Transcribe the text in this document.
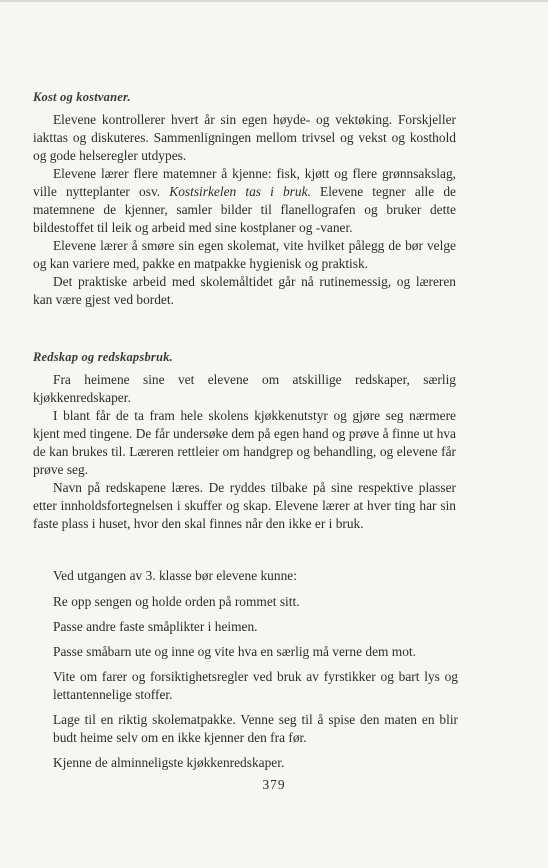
Kost og kostvaner.

Elevene kontrollerer hvert år sin egen høyde- og vektøking. Forskjeller iakttas og diskuteres. Sammenligningen mellom trivsel og vekst og kosthold og gode helseregler utdypes.

Elevene lærer flere matemner å kjenne: fisk, kjøtt og flere grønnsakslag, ville nytteplanter osv. Kostsirkelen tas i bruk. Elevene tegner alle de matemnene de kjenner, samler bilder til flanellografen og bruker dette bildestoffet til leik og arbeid med sine kostplaner og -vaner.

Elevene lærer å smøre sin egen skolemat, vite hvilket pålegg de bør velge og kan variere med, pakke en matpakke hygienisk og praktisk.

Det praktiske arbeid med skolemåltidet går nå rutinemessig, og læreren kan være gjest ved bordet.

Redskap og redskapsbruk.

Fra heimene sine vet elevene om atskillige redskaper, særlig kjøkkenredskaper.

I blant får de ta fram hele skolens kjøkkenutstyr og gjøre seg nærmere kjent med tingene. De får undersøke dem på egen hand og prøve å finne ut hva de kan brukes til. Læreren rettleier om handgrep og behandling, og elevene får prøve seg.

Navn på redskapene læres. De ryddes tilbake på sine respektive plasser etter innholdsfortegnelsen i skuffer og skap. Elevene lærer at hver ting har sin faste plass i huset, hvor den skal finnes når den ikke er i bruk.

Ved utgangen av 3. klasse bør elevene kunne:
Re opp sengen og holde orden på rommet sitt.
Passe andre faste småplikter i heimen.
Passe småbarn ute og inne og vite hva en særlig må verne dem mot.
Vite om farer og forsiktighetsregler ved bruk av fyrstikker og bart lys og lettantennelige stoffer.
Lage til en riktig skolematpakke. Venne seg til å spise den maten en blir budt heime selv om en ikke kjenner den fra før.
Kjenne de alminneligste kjøkkenredskaper.
379
